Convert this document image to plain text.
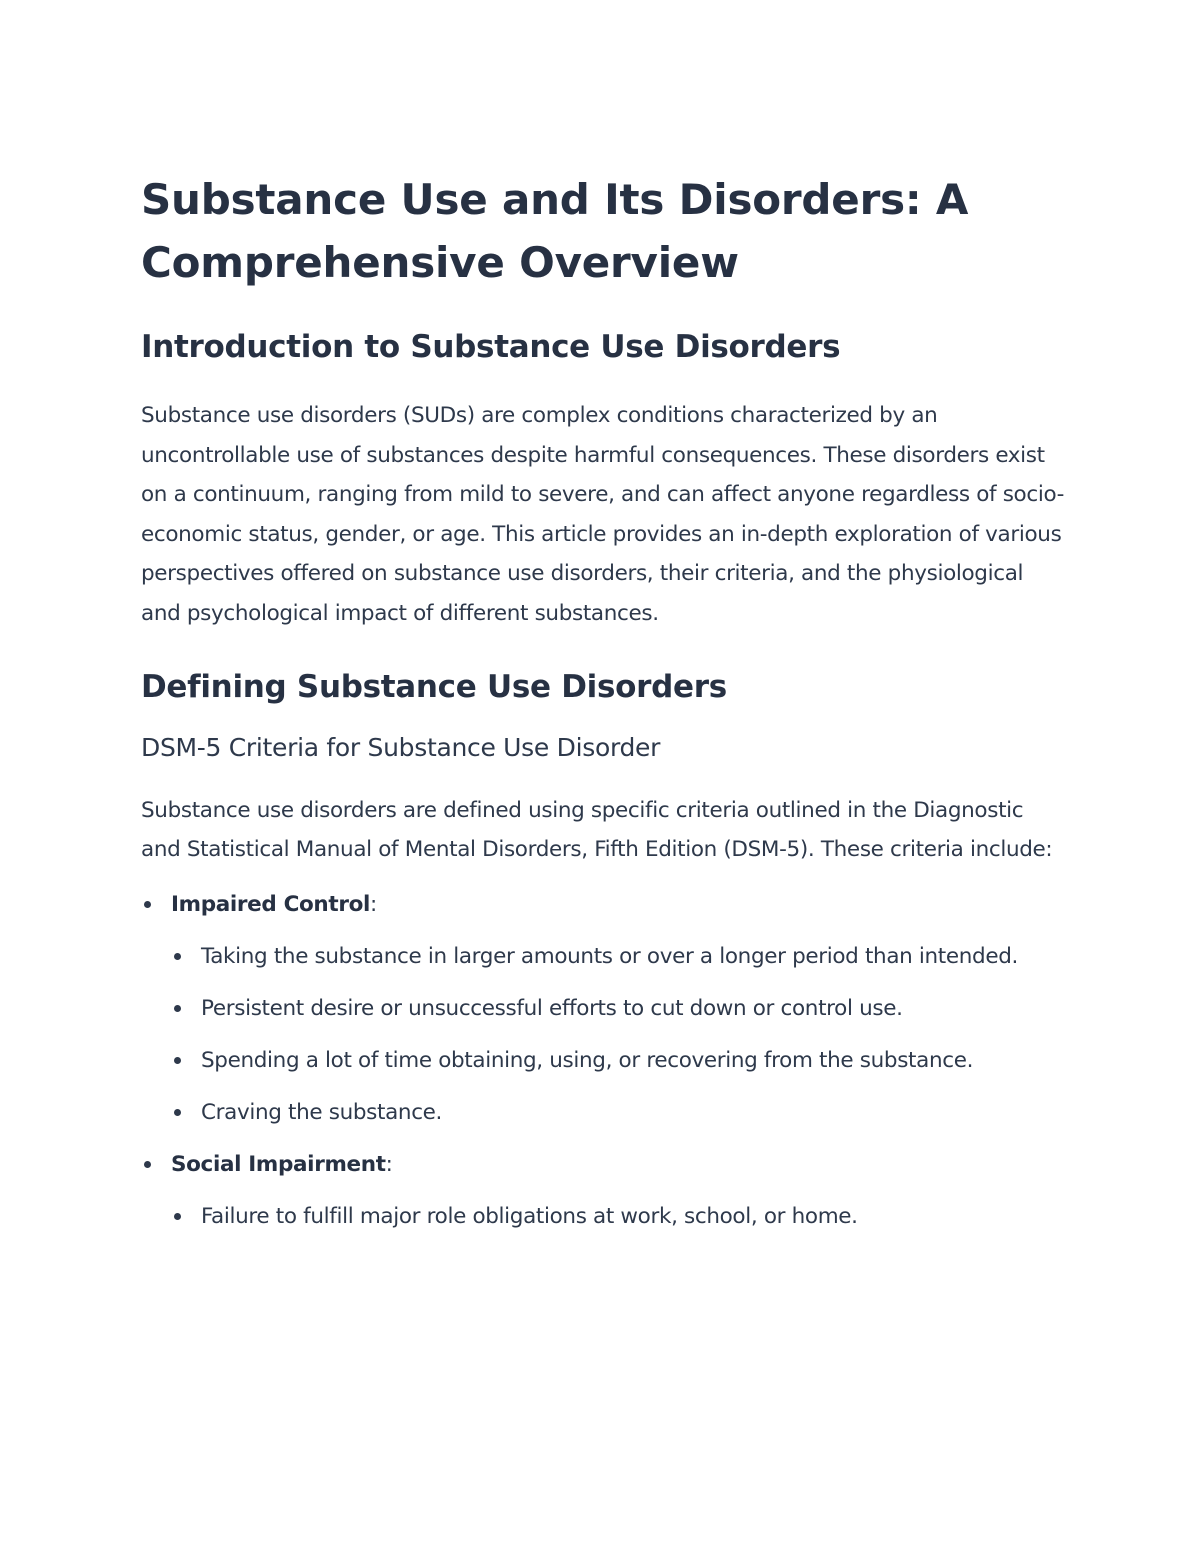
Substance Use and Its Disorders: A Comprehensive Overview
Introduction to Substance Use Disorders

Substance use disorders (SUDs) are complex conditions characterized by an uncontrollable use of substances despite harmful consequences. These disorders exist on a continuum, ranging from mild to severe, and can affect anyone regardless of socio-economic status, gender, or age. This article provides an in-depth exploration of various perspectives offered on substance use disorders, their criteria, and the physiological and psychological impact of different substances.

Defining Substance Use Disorders
DSM-5 Criteria for Substance Use Disorder

Substance use disorders are defined using specific criteria outlined in the Diagnostic and Statistical Manual of Mental Disorders, Fifth Edition (DSM-5). These criteria include:

Impaired Control:
Taking the substance in larger amounts or over a longer period than intended.
Persistent desire or unsuccessful efforts to cut down or control use.
Spending a lot of time obtaining, using, or recovering from the substance.
Craving the substance.
Social Impairment:
Failure to fulfill major role obligations at work, school, or home.
